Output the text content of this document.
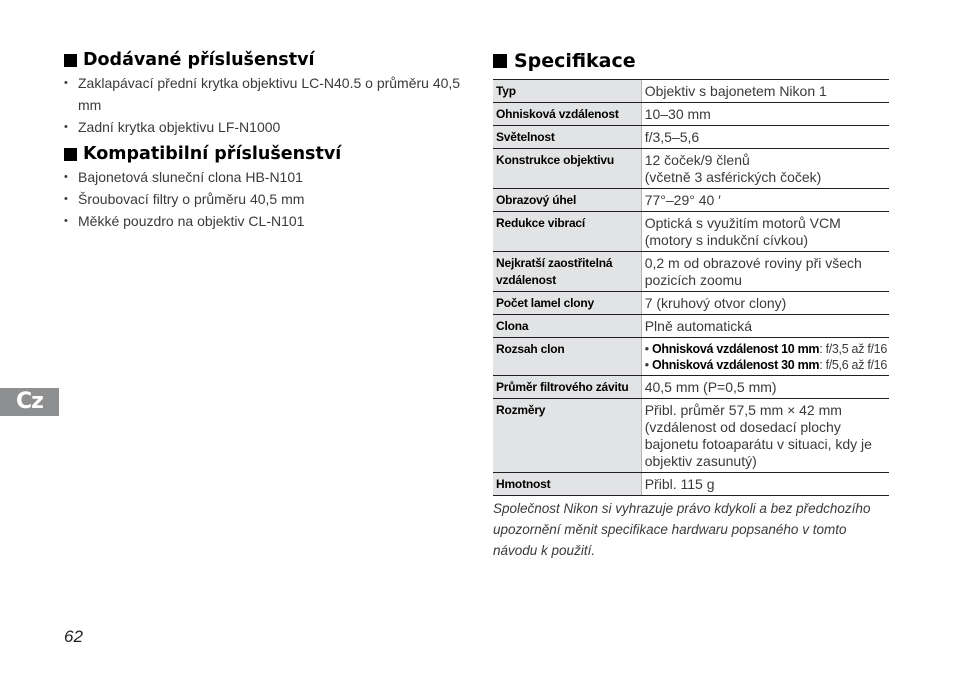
Dodávané příslušenství
• Zaklapávací přední krytka objektivu LC-N40.5 o průměru 40,5 mm
• Zadní krytka objektivu LF-N1000
Kompatibilní příslušenství
• Bajonetová sluneční clona HB-N101
• Šroubovací filtry o průměru 40,5 mm
• Měkké pouzdro na objektiv CL-N101
Specifikace
Typ	Objektiv s bajonetem Nikon 1
Ohnisková vzdálenost	10–30 mm
Světelnost	f/3,5–5,6
Konstrukce objektivu	12 čoček/9 členů
(včetně 3 asférických čoček)

Obrazový úhel	77°–29° 40 ′
Redukce vibrací	Optická s využitím motorů VCM (motory s indukční cívkou)
Nejkratší zaostřitelná vzdálenost	0,2 m od obrazové roviny při všech pozicích zoomu
Počet lamel clony	7 (kruhový otvor clony)
Clona	Plně automatická
Rozsah clon	• Ohnisková vzdálenost 10 mm: f/3,5 až f/16
• Ohnisková vzdálenost 30 mm: f/5,6 až f/16

Průměr filtrového závitu	40,5 mm (P=0,5 mm)
Rozměry	Přibl. průměr 57,5 mm × 42 mm (vzdálenost od dosedací plochy bajonetu fotoaparátu v situaci, kdy je objektiv zasunutý)
Hmotnost	Přibl. 115 g

Společnost Nikon si vyhrazuje právo kdykoli a bez předchozího upozornění měnit specifikace hardwaru popsaného v tomto návodu k použití.

Cz
62
